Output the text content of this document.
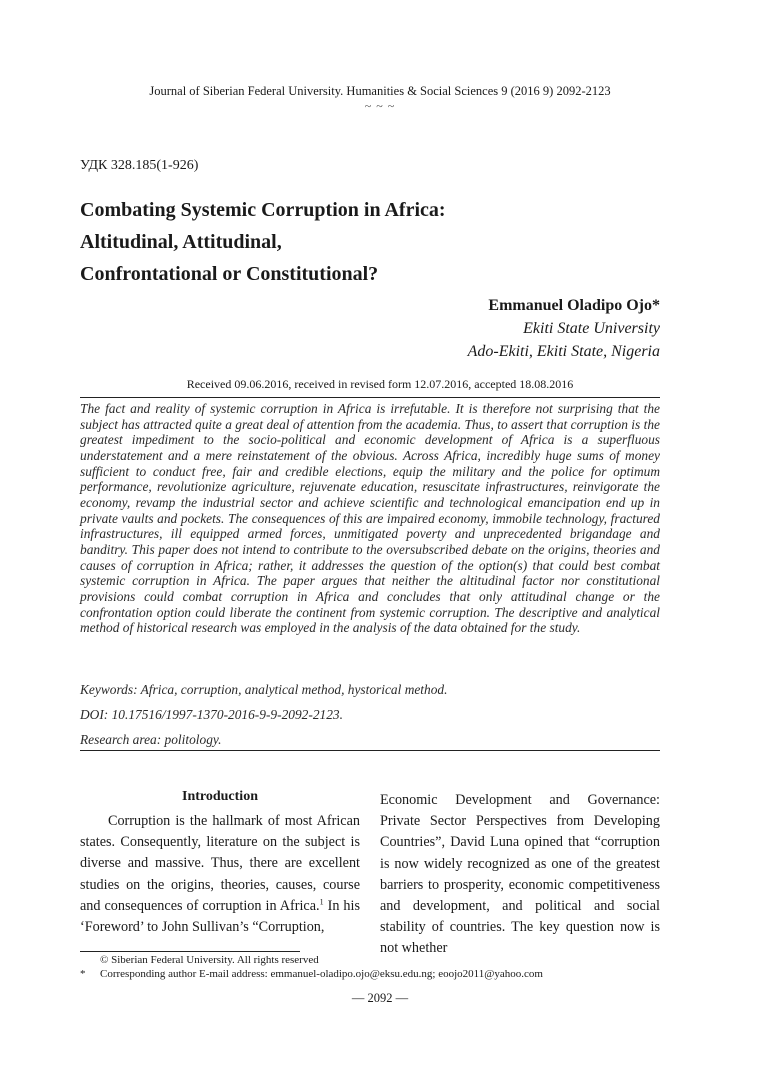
Journal of Siberian Federal University. Humanities & Social Sciences 9 (2016 9) 2092-2123
~ ~ ~
УДК 328.185(1-926)
Combating Systemic Corruption in Africa:
Altitudinal, Attitudinal,
Confrontational or Constitutional?
Emmanuel Oladipo Ojo*
Ekiti State University
Ado-Ekiti, Ekiti State, Nigeria
Received 09.06.2016, received in revised form 12.07.2016, accepted 18.08.2016
The fact and reality of systemic corruption in Africa is irrefutable. It is therefore not surprising that the subject has attracted quite a great deal of attention from the academia. Thus, to assert that corruption is the greatest impediment to the socio-political and economic development of Africa is a superfluous understatement and a mere reinstatement of the obvious. Across Africa, incredibly huge sums of money sufficient to conduct free, fair and credible elections, equip the military and the police for optimum performance, revolutionize agriculture, rejuvenate education, resuscitate infrastructures, reinvigorate the economy, revamp the industrial sector and achieve scientific and technological emancipation end up in private vaults and pockets. The consequences of this are impaired economy, immobile technology, fractured infrastructures, ill equipped armed forces, unmitigated poverty and unprecedented brigandage and banditry. This paper does not intend to contribute to the oversubscribed debate on the origins, theories and causes of corruption in Africa; rather, it addresses the question of the option(s) that could best combat systemic corruption in Africa. The paper argues that neither the altitudinal factor nor constitutional provisions could combat corruption in Africa and concludes that only attitudinal change or the confrontation option could liberate the continent from systemic corruption. The descriptive and analytical method of historical research was employed in the analysis of the data obtained for the study.
Keywords: Africa, corruption, analytical method, hystorical method.
DOI: 10.17516/1997-1370-2016-9-9-2092-2123.
Research area: politology.
Introduction

Corruption is the hallmark of most African states. Consequently, literature on the subject is diverse and massive. Thus, there are excellent studies on the origins, theories, causes, course and consequences of corruption in Africa.$^1$ In his ‘Foreword’ to John Sullivan’s “Corruption,

Economic Development and Governance: Private Sector Perspectives from Developing Countries”, David Luna opined that “corruption is now widely recognized as one of the greatest barriers to prosperity, economic competitiveness and development, and political and social stability of countries. The key question now is not whether

© Siberian Federal University. All rights reserved
* Corresponding author E-mail address: emmanuel-oladipo.ojo@eksu.edu.ng; eoojo2011@yahoo.com
— 2092 —
